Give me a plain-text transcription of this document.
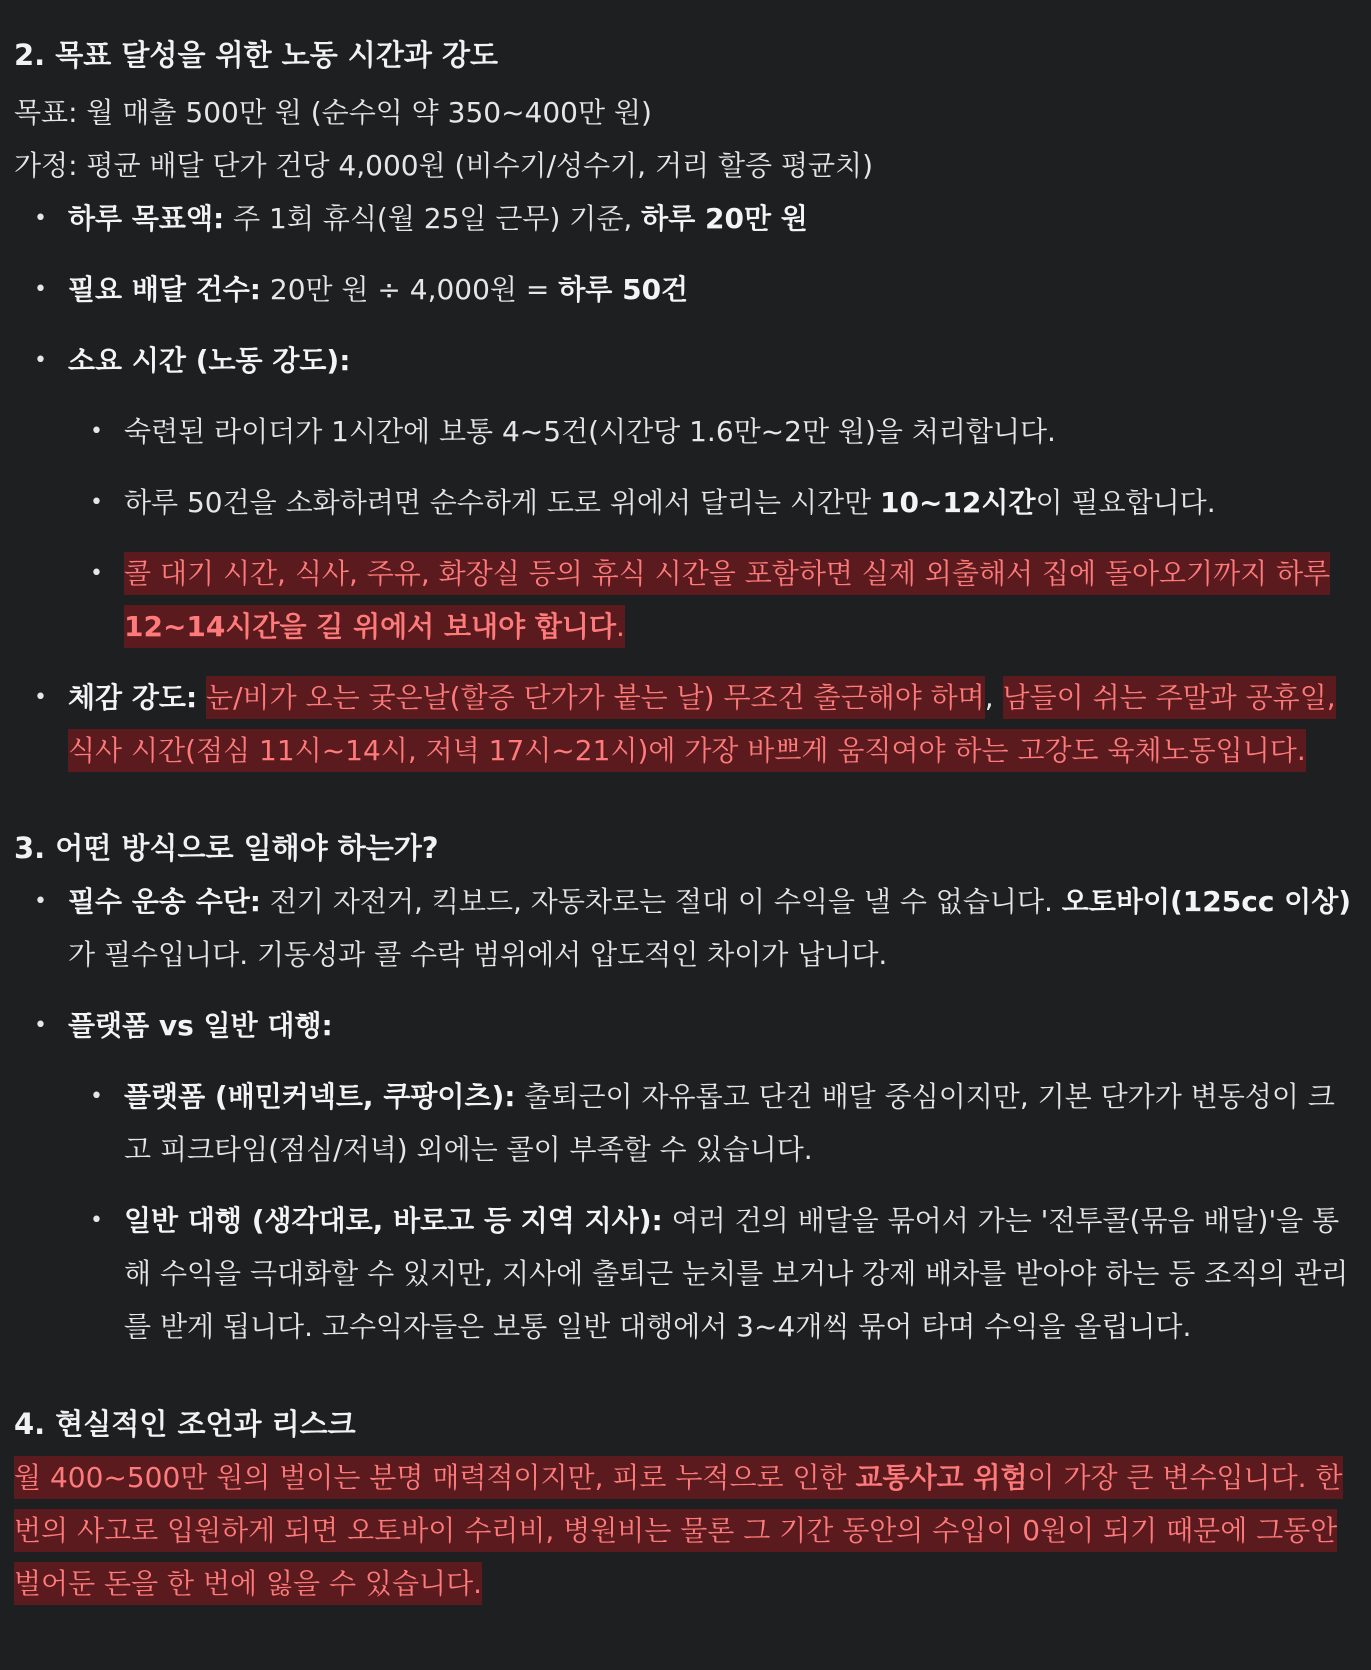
2. 목표 달성을 위한 노동 시간과 강도

목표: 월 매출 500만 원 (순수익 약 350~400만 원)

가정: 평균 배달 단가 건당 4,000원 (비수기/성수기, 거리 할증 평균치)

• 하루 목표액: 주 1회 휴식(월 25일 근무) 기준, 하루 20만 원
• 필요 배달 건수: 20만 원 ÷ 4,000원 = 하루 50건
• 소요 시간 (노동 강도):
• 숙련된 라이더가 1시간에 보통 4~5건(시간당 1.6만~2만 원)을 처리합니다.
• 하루 50건을 소화하려면 순수하게 도로 위에서 달리는 시간만 10~12시간이 필요합니다.
• 콜 대기 시간, 식사, 주유, 화장실 등의 휴식 시간을 포함하면 실제 외출해서 집에 돌아오기까지 하루 12~14시간을 길 위에서 보내야 합니다.
• 체감 강도: 눈/비가 오는 궂은날(할증 단가가 붙는 날) 무조건 출근해야 하며, 남들이 쉬는 주말과 공휴일, 식사 시간(점심 11시~14시, 저녁 17시~21시)에 가장 바쁘게 움직여야 하는 고강도 육체노동입니다.
3. 어떤 방식으로 일해야 하는가?
• 필수 운송 수단: 전기 자전거, 킥보드, 자동차로는 절대 이 수익을 낼 수 없습니다. 오토바이(125cc 이상) 가 필수입니다. 기동성과 콜 수락 범위에서 압도적인 차이가 납니다.
• 플랫폼 vs 일반 대행:
• 플랫폼 (배민커넥트, 쿠팡이츠): 출퇴근이 자유롭고 단건 배달 중심이지만, 기본 단가가 변동성이 크고 피크타임(점심/저녁) 외에는 콜이 부족할 수 있습니다.
• 일반 대행 (생각대로, 바로고 등 지역 지사): 여러 건의 배달을 묶어서 가는 '전투콜(묶음 배달)'을 통해 수익을 극대화할 수 있지만, 지사에 출퇴근 눈치를 보거나 강제 배차를 받아야 하는 등 조직의 관리를 받게 됩니다. 고수익자들은 보통 일반 대행에서 3~4개씩 묶어 타며 수익을 올립니다.
4. 현실적인 조언과 리스크

월 400~500만 원의 벌이는 분명 매력적이지만, 피로 누적으로 인한 교통사고 위험이 가장 큰 변수입니다. 한 번의 사고로 입원하게 되면 오토바이 수리비, 병원비는 물론 그 기간 동안의 수입이 0원이 되기 때문에 그동안 벌어둔 돈을 한 번에 잃을 수 있습니다.
